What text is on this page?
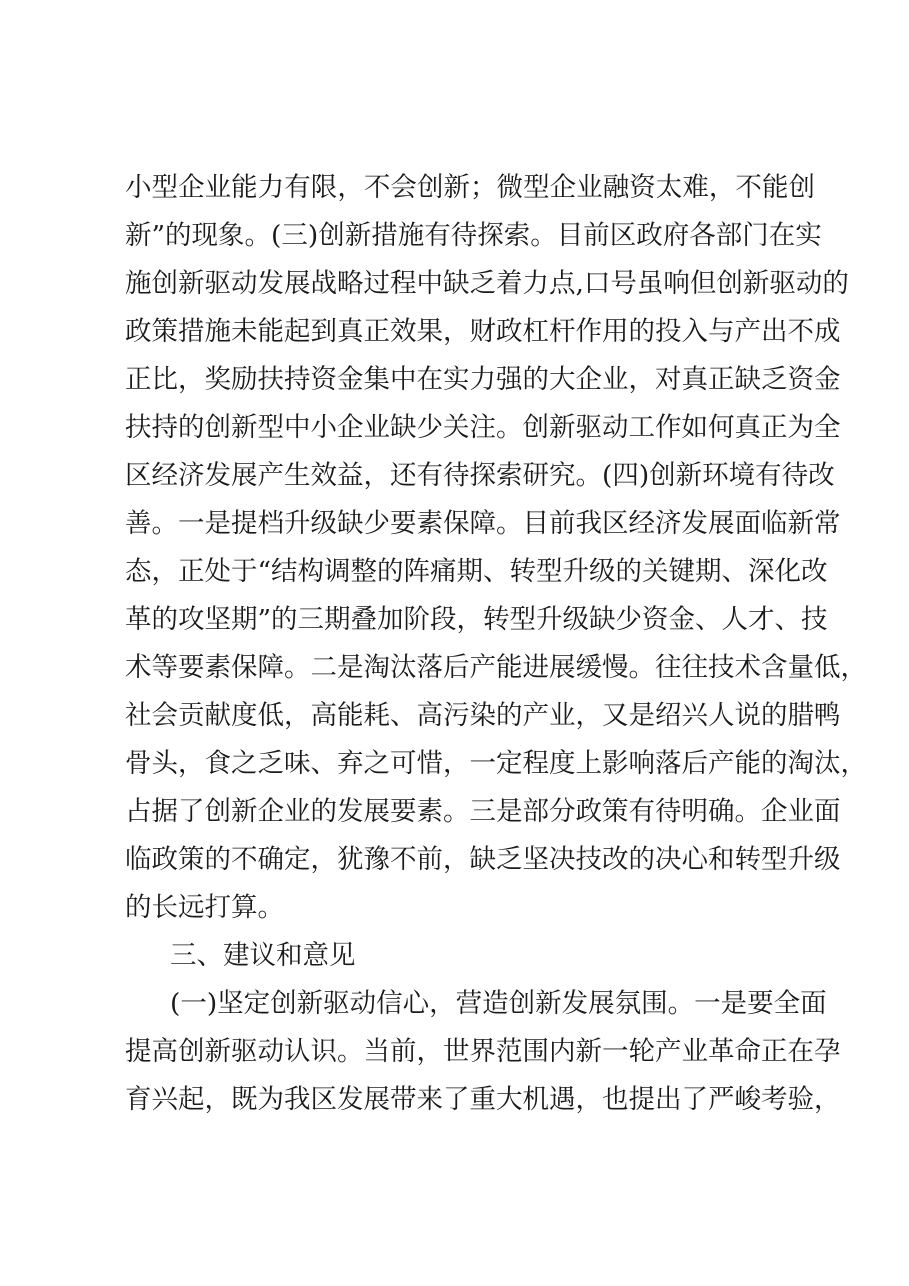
小型企业能力有限，不会创新；微型企业融资太难，不能创
新”的现象。(三)创新措施有待探索。目前区政府各部门在实
施创新驱动发展战略过程中缺乏着力点,口号虽响但创新驱动的
政策措施未能起到真正效果，财政杠杆作用的投入与产出不成
正比，奖励扶持资金集中在实力强的大企业，对真正缺乏资金
扶持的创新型中小企业缺少关注。创新驱动工作如何真正为全
区经济发展产生效益，还有待探索研究。(四)创新环境有待改
善。一是提档升级缺少要素保障。目前我区经济发展面临新常
态，正处于“结构调整的阵痛期、转型升级的关键期、深化改
革的攻坚期”的三期叠加阶段，转型升级缺少资金、人才、技
术等要素保障。二是淘汰落后产能进展缓慢。往往技术含量低，
社会贡献度低，高能耗、高污染的产业，又是绍兴人说的腊鸭
骨头，食之乏味、弃之可惜，一定程度上影响落后产能的淘汰，
占据了创新企业的发展要素。三是部分政策有待明确。企业面
临政策的不确定，犹豫不前，缺乏坚决技改的决心和转型升级
的长远打算。
三、建议和意见
(一)坚定创新驱动信心，营造创新发展氛围。一是要全面
提高创新驱动认识。当前，世界范围内新一轮产业革命正在孕
育兴起，既为我区发展带来了重大机遇，也提出了严峻考验，
